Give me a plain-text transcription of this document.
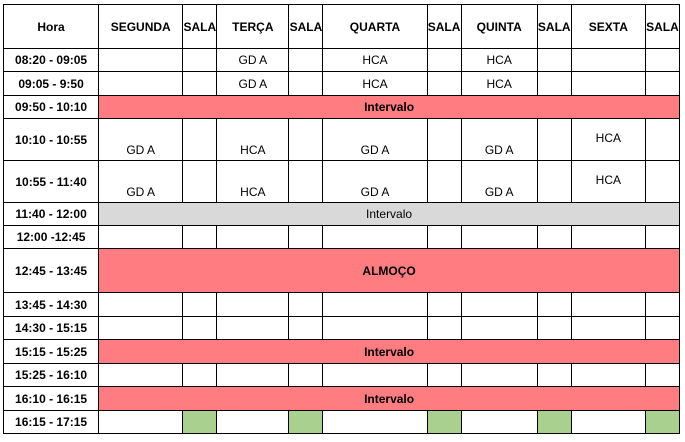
Hora	SEGUNDA	SALA	TERÇA	SALA	QUARTA	SALA	QUINTA	SALA	SEXTA	SALA
08:20 - 09:05			GD A		HCA		HCA			
09:05 - 9:50			GD A		HCA		HCA			
09:50 - 10:10	Intervalo									
10:10 - 10:55	GD A		HCA		GD A		GD A		HCA	
10:55 - 11:40	GD A		HCA		GD A		GD A		HCA	
11:40 - 12:00	Intervalo									
12:00 -12:45										
12:45 - 13:45	ALMOÇO									
13:45 - 14:30										
14:30 - 15:15										
15:15 - 15:25	Intervalo									
15:25 - 16:10										
16:10 - 16:15	Intervalo									
16:15 - 17:15										
